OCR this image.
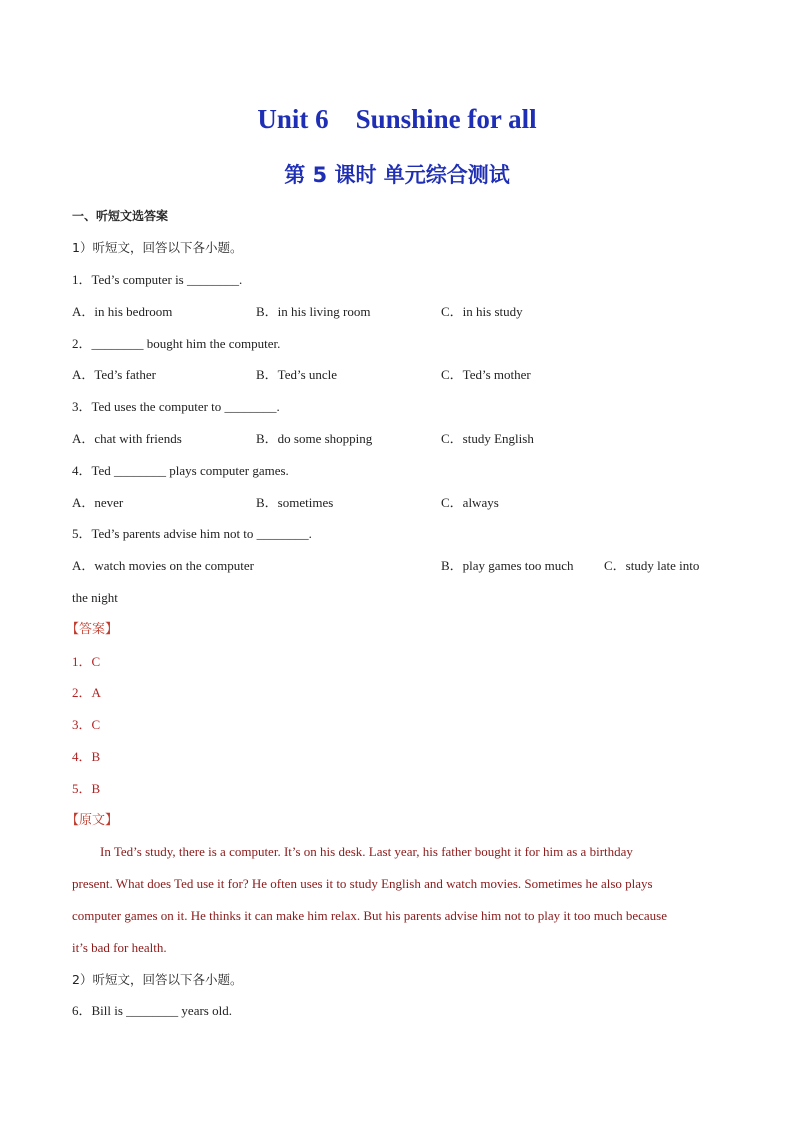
Unit 6    Sunshine for all
第 5 课时 单元综合测试
一、听短文选答案
1）听短文，回答以下各小题。
1．Ted’s computer is ________.
A．in his bedroom	B．in his living room	C．in his study
2．________ bought him the computer.
A．Ted’s father	B．Ted’s uncle	C．Ted’s mother
3．Ted uses the computer to ________.
A．chat with friends	B．do some shopping	C．study English
4．Ted ________ plays computer games.
A．never	B．sometimes	C．always
5．Ted’s parents advise him not to ________.
A．watch movies on the computer	B．play games too much C．study late into
the night
【答案】
1．C
2．A
3．C
4．B
5．B
【原文】
In Ted’s study, there is a computer. It’s on his desk. Last year, his father bought it for him as a birthday
present. What does Ted use it for? He often uses it to study English and watch movies. Sometimes he also plays
computer games on it. He thinks it can make him relax. But his parents advise him not to play it too much because
it’s bad for health.
2）听短文，回答以下各小题。
6．Bill is ________ years old.
